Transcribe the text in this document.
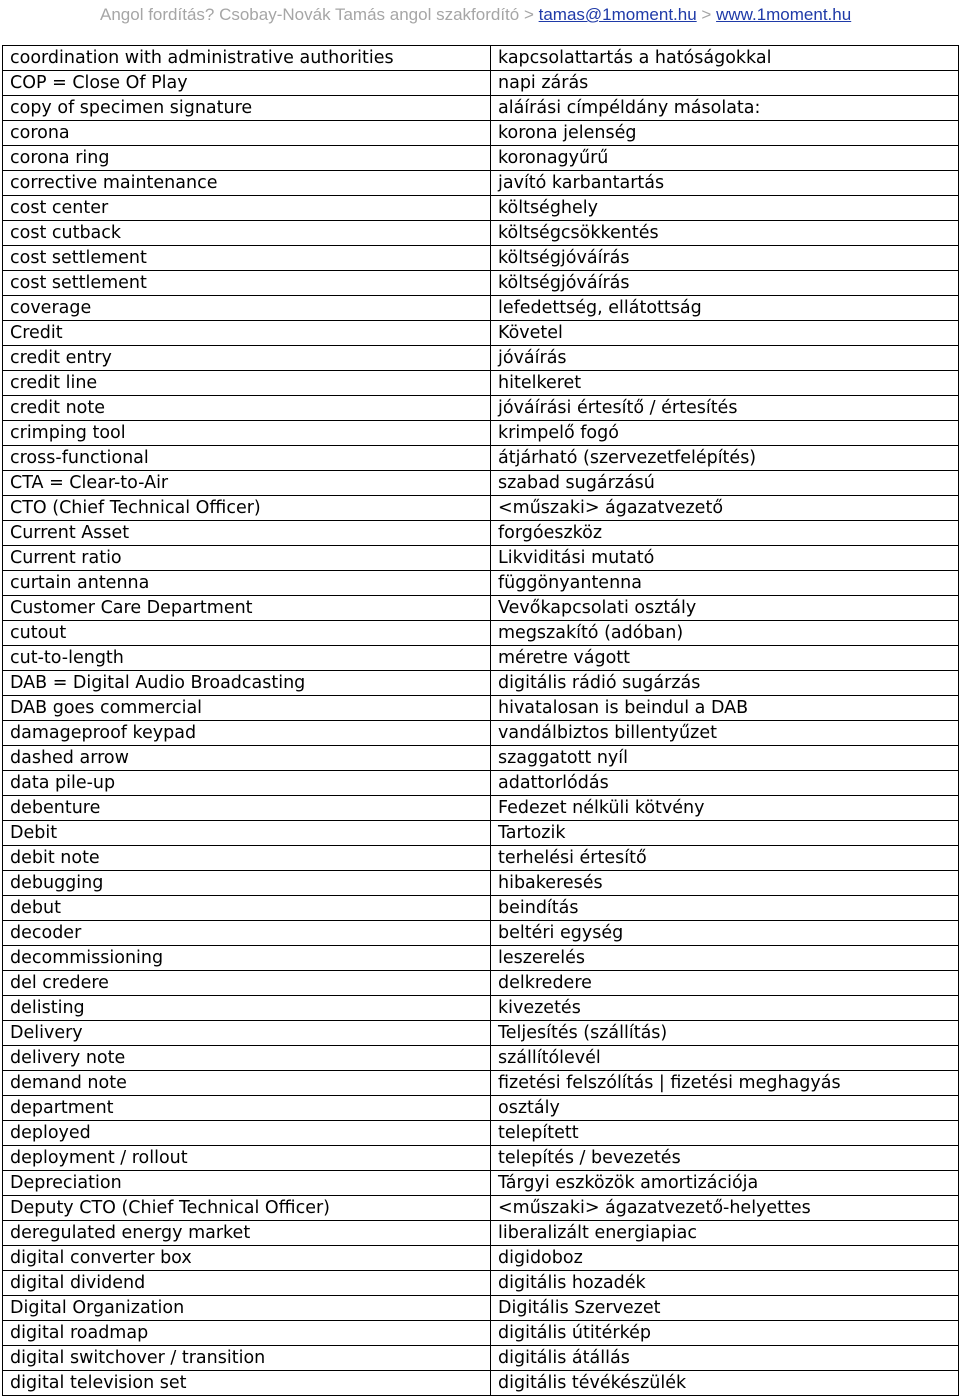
Angol fordítás? Csobay-Novák Tamás angol szakfordító > tamas@1moment.hu > www.1moment.hu
coordination with administrative authorities	kapcsolattartás a hatóságokkal
COP = Close Of Play	napi zárás
copy of specimen signature	aláírási címpéldány másolata:
corona	korona jelenség
corona ring	koronagyűrű
corrective maintenance	javító karbantartás
cost center	költséghely
cost cutback	költségcsökkentés
cost settlement	költségjóváírás
cost settlement	költségjóváírás
coverage	lefedettség, ellátottság
Credit	Követel
credit entry	jóváírás
credit line	hitelkeret
credit note	jóváírási értesítő / értesítés
crimping tool	krimpelő fogó
cross-functional	átjárható (szervezetfelépítés)
CTA = Clear-to-Air	szabad sugárzású
CTO (Chief Technical Officer)	<műszaki> ágazatvezető
Current Asset	forgóeszköz
Current ratio	Likviditási mutató
curtain antenna	függönyantenna
Customer Care Department	Vevőkapcsolati osztály
cutout	megszakító (adóban)
cut-to-length	méretre vágott
DAB = Digital Audio Broadcasting	digitális rádió sugárzás
DAB goes commercial	hivatalosan is beindul a DAB
damageproof keypad	vandálbiztos billentyűzet
dashed arrow	szaggatott nyíl
data pile-up	adattorlódás
debenture	Fedezet nélküli kötvény
Debit	Tartozik
debit note	terhelési értesítő
debugging	hibakeresés
debut	beindítás
decoder	beltéri egység
decommissioning	leszerelés
del credere	delkredere
delisting	kivezetés
Delivery	Teljesítés (szállítás)
delivery note	szállítólevél
demand note	fizetési felszólítás | fizetési meghagyás
department	osztály
deployed	telepített
deployment / rollout	telepítés / bevezetés
Depreciation	Tárgyi eszközök amortizációja
Deputy CTO (Chief Technical Officer)	<műszaki> ágazatvezető-helyettes
deregulated energy market	liberalizált energiapiac
digital converter box	digidoboz
digital dividend	digitális hozadék
Digital Organization	Digitális Szervezet
digital roadmap	digitális útitérkép
digital switchover / transition	digitális átállás
digital television set	digitális tévékészülék
